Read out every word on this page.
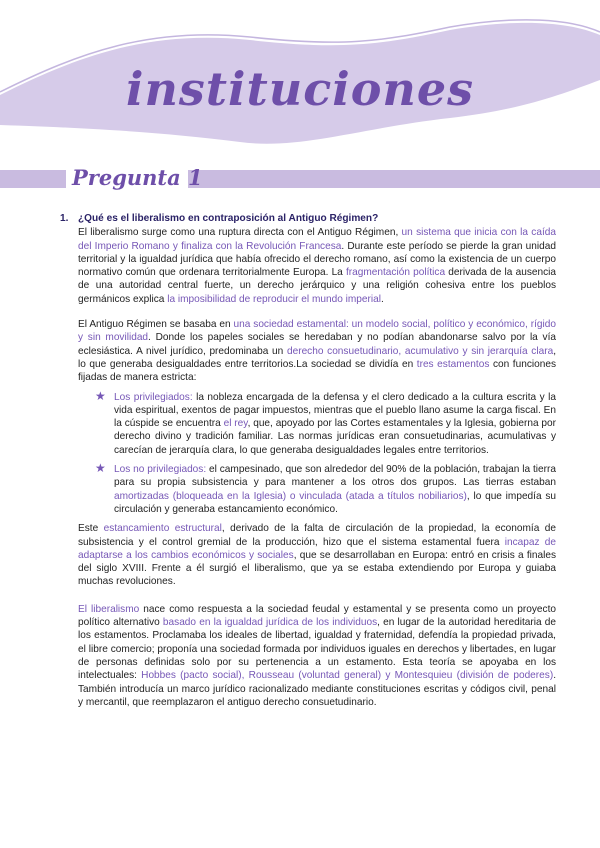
instituciones
Pregunta 1

1. ¿Qué es el liberalismo en contraposición al Antiguo Régimen?

El liberalismo surge como una ruptura directa con el Antiguo Régimen, un sistema que inicia con la caída del Imperio Romano y finaliza con la Revolución Francesa. Durante este período se pierde la gran unidad territorial y la igualdad jurídica que había ofrecido el derecho romano, así como la existencia de un cuerpo normativo común que ordenara territorialmente Europa. La fragmentación política derivada de la ausencia de una autoridad central fuerte, un derecho jerárquico y una religión cohesiva entre los pueblos germánicos explica la imposibilidad de reproducir el mundo imperial.

El Antiguo Régimen se basaba en una sociedad estamental: un modelo social, político y económico, rígido y sin movilidad. Donde los papeles sociales se heredaban y no podían abandonarse salvo por la vía eclesiástica. A nivel jurídico, predominaba un derecho consuetudinario, acumulativo y sin jerarquía clara, lo que generaba desigualdades entre territorios.La sociedad se dividía en tres estamentos con funciones fijadas de manera estricta:

★ Los privilegiados: la nobleza encargada de la defensa y el clero dedicado a la cultura escrita y la vida espiritual, exentos de pagar impuestos, mientras que el pueblo llano asume la carga fiscal. En la cúspide se encuentra el rey, que, apoyado por las Cortes estamentales y la Iglesia, gobierna por derecho divino y tradición familiar. Las normas jurídicas eran consuetudinarias, acumulativas y carecían de jerarquía clara, lo que generaba desigualdades legales entre territorios.
★ Los no privilegiados: el campesinado, que son alrededor del 90% de la población, trabajan la tierra para su propia subsistencia y para mantener a los otros dos grupos. Las tierras estaban amortizadas (bloqueada en la Iglesia) o vinculada (atada a títulos nobiliarios), lo que impedía su circulación y generaba estancamiento económico.

Este estancamiento estructural, derivado de la falta de circulación de la propiedad, la economía de subsistencia y el control gremial de la producción, hizo que el sistema estamental fuera incapaz de adaptarse a los cambios económicos y sociales, que se desarrollaban en Europa: entró en crisis a finales del siglo XVIII. Frente a él surgió el liberalismo, que ya se estaba extendiendo por Europa y guiaba muchas revoluciones.

El liberalismo nace como respuesta a la sociedad feudal y estamental y se presenta como un proyecto político alternativo basado en la igualdad jurídica de los individuos, en lugar de la autoridad hereditaria de los estamentos. Proclamaba los ideales de libertad, igualdad y fraternidad, defendía la propiedad privada, el libre comercio; proponía una sociedad formada por individuos iguales en derechos y libertades, en lugar de personas definidas solo por su pertenencia a un estamento. Esta teoría se apoyaba en los intelectuales: Hobbes (pacto social), Rousseau (voluntad general) y Montesquieu (división de poderes). También introducía un marco jurídico racionalizado mediante constituciones escritas y códigos civil, penal y mercantil, que reemplazaron el antiguo derecho consuetudinario.
